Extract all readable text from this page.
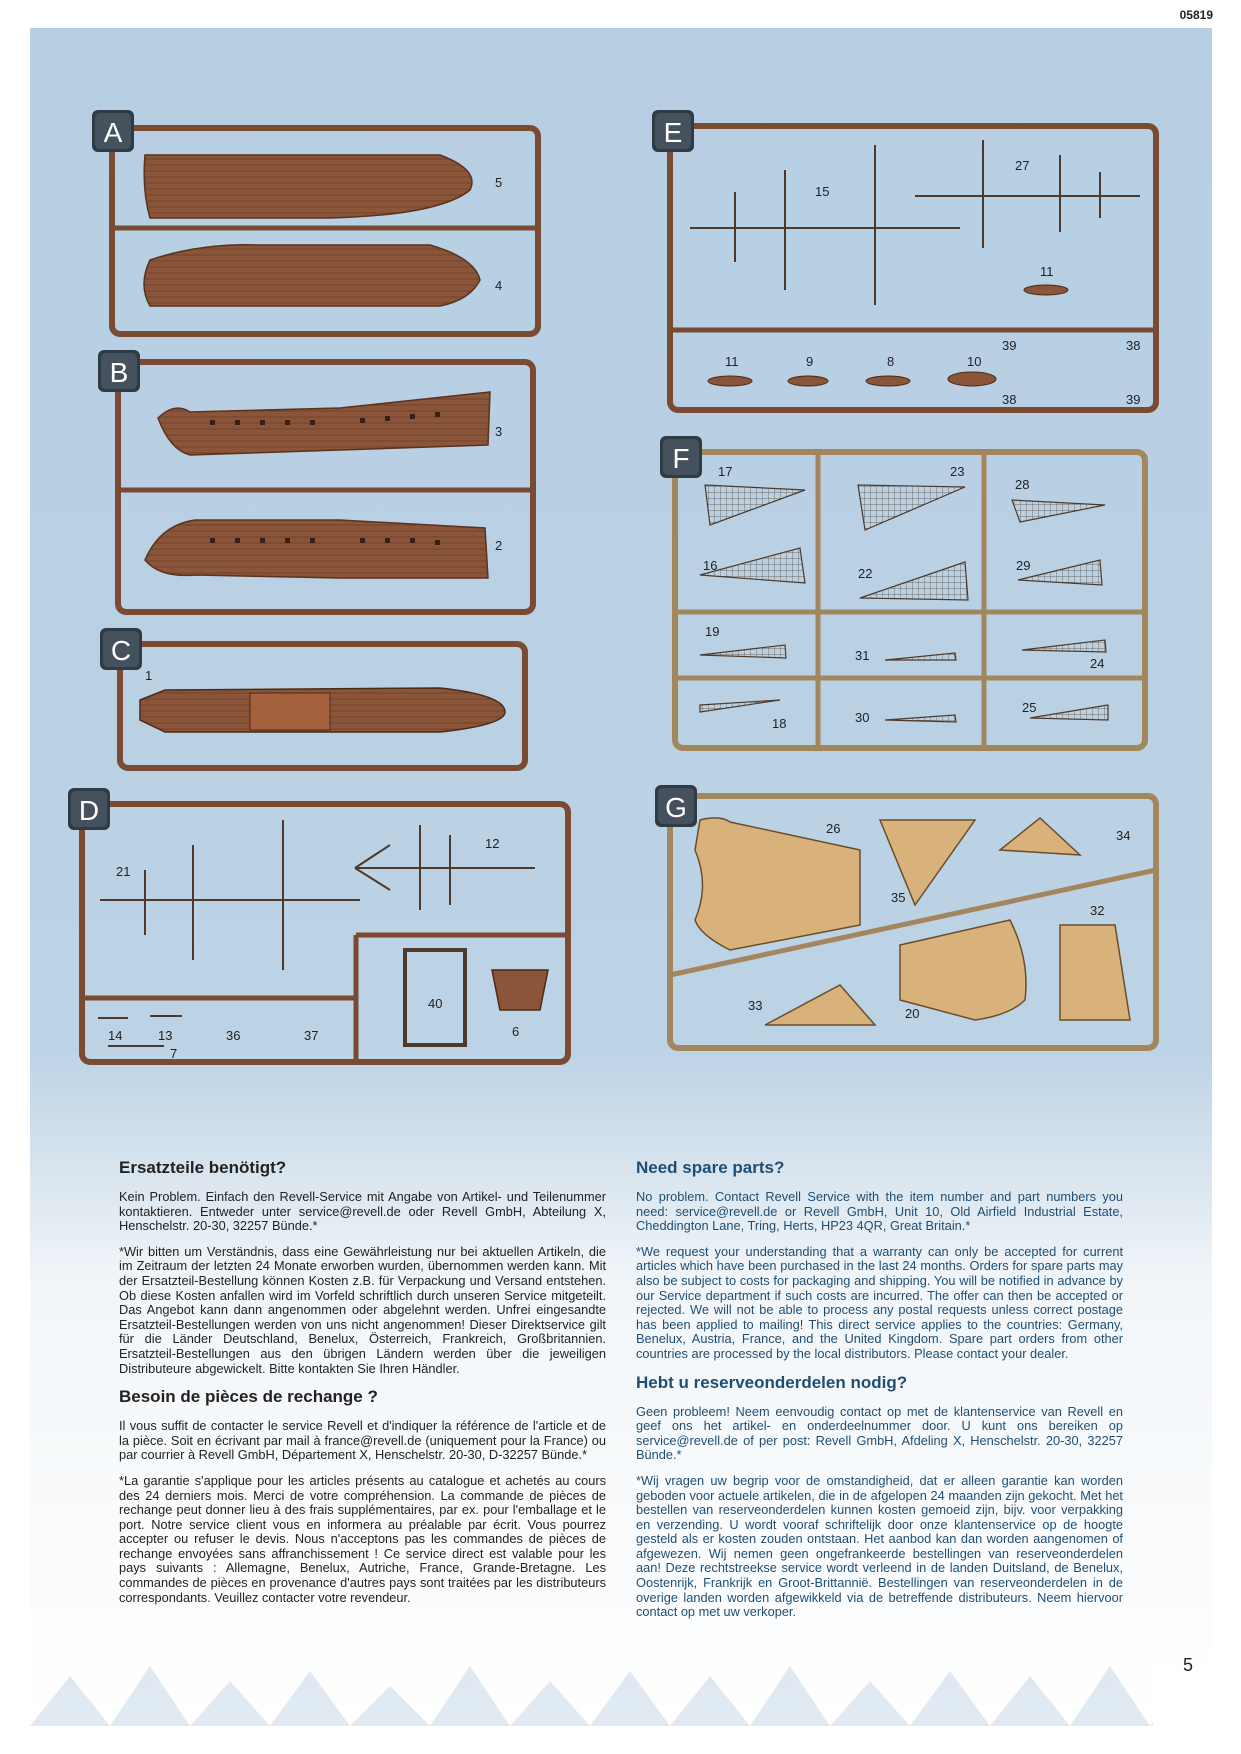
05819
A
5
4
B
3
2
C
1
D
21
12
14	13
7
36	37
40
6
E
15
27
11
11	9	8	10
39	38
38	39
F 17	23
28
16
22
29
19
31
24
18	30
25
G
26	34
35
32
33
20
Ersatzteile benötigt?

Kein Problem. Einfach den Revell-Service mit Angabe von Artikel- und Teilenummer kontaktieren. Entweder unter service@revell.de oder Revell GmbH, Abteilung X, Henschelstr. 20-30, 32257 Bünde.*

*Wir bitten um Verständnis, dass eine Gewährleistung nur bei aktuellen Artikeln, die im Zeitraum der letzten 24 Monate erworben wurden, übernommen werden kann. Mit der Ersatzteil-Bestellung können Kosten z.B. für Verpackung und Versand entstehen. Ob diese Kosten anfallen wird im Vorfeld schriftlich durch unseren Service mitgeteilt. Das Angebot kann dann angenommen oder abgelehnt werden. Unfrei eingesandte Ersatzteil-Bestellungen werden von uns nicht angenommen! Dieser Direktservice gilt für die Länder Deutschland, Benelux, Österreich, Frankreich, Großbritannien. Ersatzteil-Bestellungen aus den übrigen Ländern werden über die jeweiligen Distributeure abgewickelt. Bitte kontakten Sie Ihren Händler.

Besoin de pièces de rechange ?

Il vous suffit de contacter le service Revell et d'indiquer la référence de l'article et de la pièce. Soit en écrivant par mail à france@revell.de (uniquement pour la France) ou par courrier à Revell GmbH, Département X, Henschelstr. 20-30, D-32257 Bünde.*

*La garantie s'applique pour les articles présents au catalogue et achetés au cours des 24 derniers mois. Merci de votre compréhension. La commande de pièces de rechange peut donner lieu à des frais supplémentaires, par ex. pour l'emballage et le port. Notre service client vous en informera au préalable par écrit. Vous pourrez accepter ou refuser le devis. Nous n'acceptons pas les commandes de pièces de rechange envoyées sans affranchissement ! Ce service direct est valable pour les pays suivants : Allemagne, Benelux, Autriche, France, Grande-Bretagne. Les commandes de pièces en provenance d'autres pays sont traitées par les distributeurs correspondants. Veuillez contacter votre revendeur.

Need spare parts?

No problem. Contact Revell Service with the item number and part numbers you need: service@revell.de or Revell GmbH, Unit 10, Old Airfield Industrial Estate, Cheddington Lane, Tring, Herts, HP23 4QR, Great Britain.*

*We request your understanding that a warranty can only be accepted for current articles which have been purchased in the last 24 months. Orders for spare parts may also be subject to costs for packaging and shipping. You will be notified in advance by our Service department if such costs are incurred. The offer can then be accepted or rejected. We will not be able to process any postal requests unless correct postage has been applied to mailing! This direct service applies to the countries: Germany, Benelux, Austria, France, and the United Kingdom. Spare part orders from other countries are processed by the local distributors. Please contact your dealer.

Hebt u reserveonderdelen nodig?

Geen probleem! Neem eenvoudig contact op met de klantenservice van Revell en geef ons het artikel- en onderdeelnummer door. U kunt ons bereiken op service@revell.de of per post: Revell GmbH, Afdeling X, Henschelstr. 20-30, 32257 Bünde.*

*Wij vragen uw begrip voor de omstandigheid, dat er alleen garantie kan worden geboden voor actuele artikelen, die in de afgelopen 24 maanden zijn gekocht. Met het bestellen van reserveonderdelen kunnen kosten gemoeid zijn, bijv. voor verpakking en verzending. U wordt vooraf schriftelijk door onze klantenservice op de hoogte gesteld als er kosten zouden ontstaan. Het aanbod kan dan worden aangenomen of afgewezen. Wij nemen geen ongefrankeerde bestellingen van reserveonderdelen aan! Deze rechtstreekse service wordt verleend in de landen Duitsland, de Benelux, Oostenrijk, Frankrijk en Groot-Brittannië. Bestellingen van reserveonderdelen in de overige landen worden afgewikkeld via de betreffende distributeurs. Neem hiervoor contact op met uw verkoper.

5
